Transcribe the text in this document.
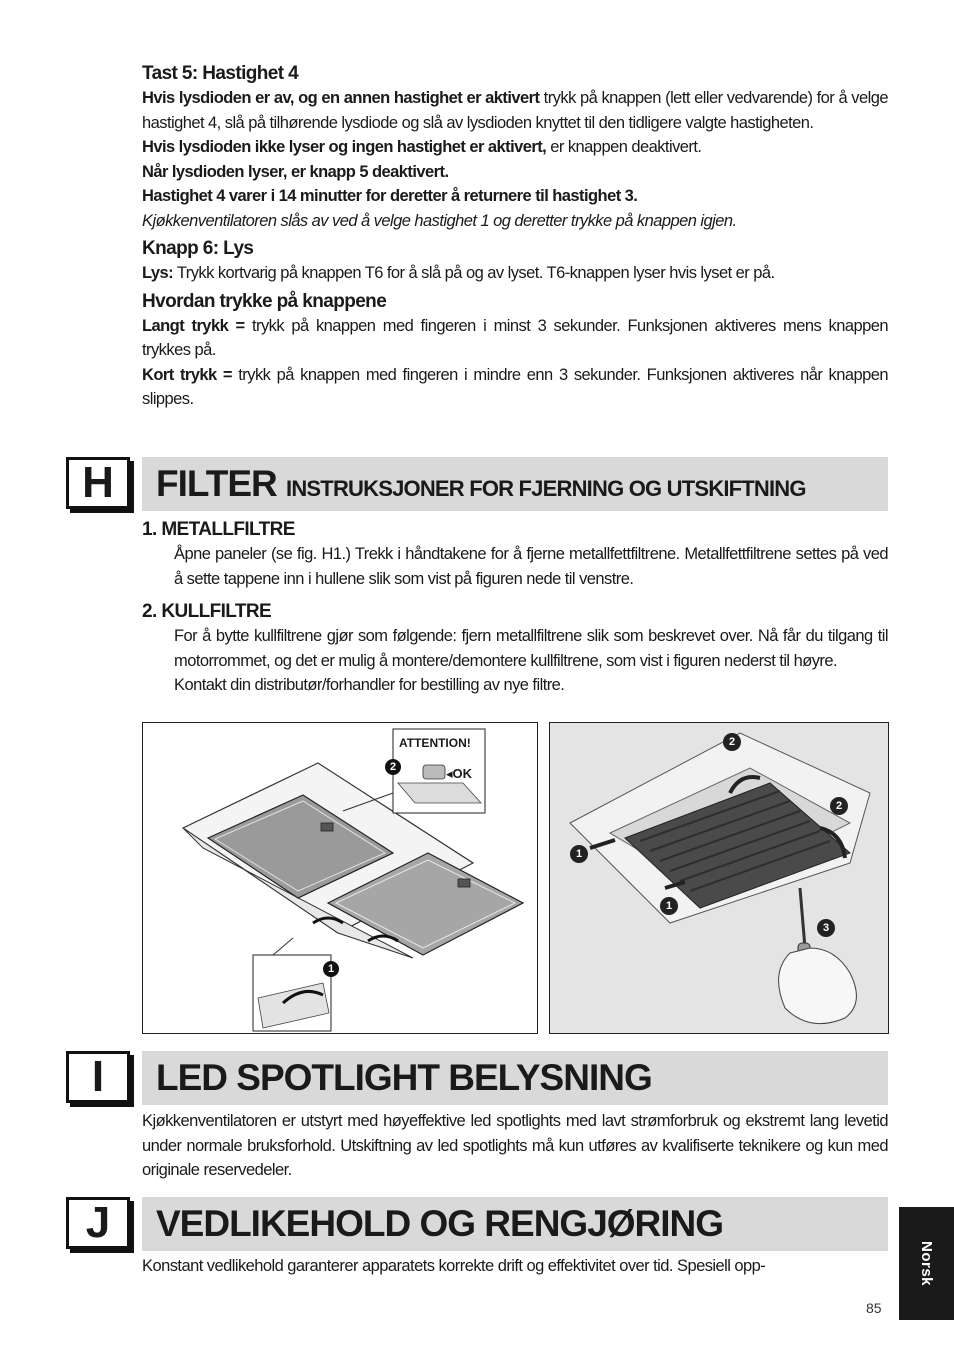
Tast 5: Hastighet 4

Hvis lysdioden er av, og en annen hastighet er aktivert trykk på knappen (lett eller vedvarende) for å velge hastighet 4, slå på tilhørende lysdiode og slå av lysdioden knyttet til den tidligere valgte hastigheten.

Hvis lysdioden ikke lyser og ingen hastighet er aktivert, er knappen deaktivert.

Når lysdioden lyser, er knapp 5 deaktivert.

Hastighet 4 varer i 14 minutter for deretter å returnere til hastighet 3.

Kjøkkenventilatoren slås av ved å velge hastighet 1 og deretter trykke på knappen igjen.

Knapp 6: Lys

Lys: Trykk kortvarig på knappen T6 for å slå på og av lyset. T6-knappen lyser hvis lyset er på.

Hvordan trykke på knappene

Langt trykk = trykk på knappen med fingeren i minst 3 sekunder. Funksjonen aktiveres mens knappen trykkes på.

Kort trykk = trykk på knappen med fingeren i mindre enn 3 sekunder. Funksjonen aktiveres når knappen slippes.

H	FILTER INSTRUKSJONER FOR FJERNING OG UTSKIFTNING

1. METALLFILTRE

Åpne paneler (se fig. H1.) Trekk i håndtakene for å fjerne metallfettfiltrene. Metallfettfiltrene settes på ved å sette tappene inn i hullene slik som vist på figuren nede til venstre.

2. KULLFILTRE

For å bytte kullfiltrene gjør som følgende: fjern metallfiltrene slik som beskrevet over. Nå får du tilgang til motorrommet, og det er mulig å montere/demontere kullfiltrene, som vist i figuren nederst til høyre.

Kontakt din distributør/forhandler for bestilling av nye filtre.

ATTENTION!
◂OK
2
1
2
2
1
1
3
I	LED SPOTLIGHT BELYSNING

Kjøkkenventilatoren er utstyrt med høyeffektive led spotlights med lavt strømforbruk og ekstremt lang levetid under normale bruksforhold. Utskiftning av led spotlights må kun utføres av kvalifiserte teknikere og kun med originale reservedeler.

J	VEDLIKEHOLD OG RENGJØRING

Konstant vedlikehold garanterer apparatets korrekte drift og effektivitet over tid. Spesiell opp-	Norsk
85
